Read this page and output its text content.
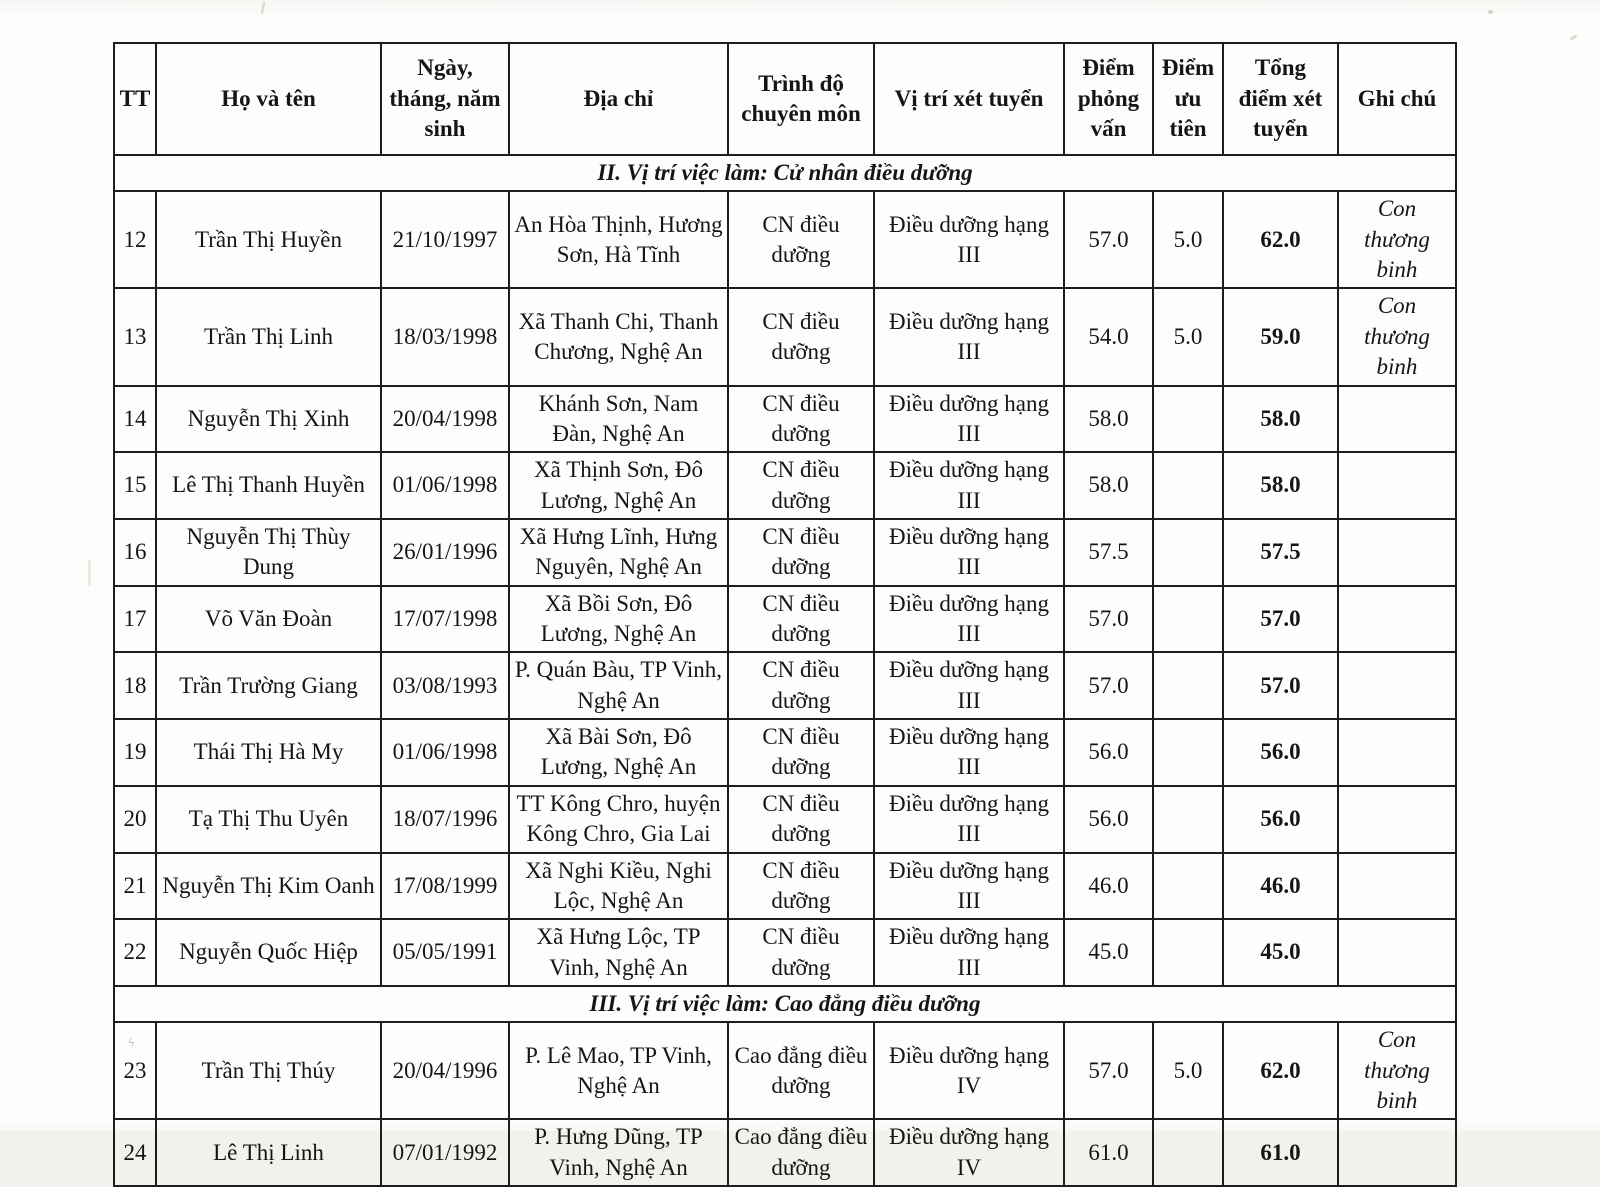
TT	Họ và tên	Ngày, tháng, năm sinh	Địa chỉ	Trình độ chuyên môn	Vị trí xét tuyển	Điểm phỏng vấn	Điểm ưu tiên	Tổng điểm xét tuyển	Ghi chú
II. Vị trí việc làm: Cử nhân điều dưỡng									
12	Trần Thị Huyền	21/10/1997	An Hòa Thịnh, Hương Sơn, Hà Tĩnh	CN điều dưỡng	Điều dưỡng hạng III	57.0	5.0	62.0	Con thương binh
13	Trần Thị Linh	18/03/1998	Xã Thanh Chi, Thanh Chương, Nghệ An	CN điều dưỡng	Điều dưỡng hạng III	54.0	5.0	59.0	Con thương binh
14	Nguyễn Thị Xinh	20/04/1998	Khánh Sơn, Nam Đàn, Nghệ An	CN điều dưỡng	Điều dưỡng hạng III	58.0		58.0	
15	Lê Thị Thanh Huyền	01/06/1998	Xã Thịnh Sơn, Đô Lương, Nghệ An	CN điều dưỡng	Điều dưỡng hạng III	58.0		58.0	
16	Nguyễn Thị Thùy Dung	26/01/1996	Xã Hưng Lĩnh, Hưng Nguyên, Nghệ An	CN điều dưỡng	Điều dưỡng hạng III	57.5		57.5	
17	Võ Văn Đoàn	17/07/1998	Xã Bồi Sơn, Đô Lương, Nghệ An	CN điều dưỡng	Điều dưỡng hạng III	57.0		57.0	
18	Trần Trường Giang	03/08/1993	P. Quán Bàu, TP Vinh, Nghệ An	CN điều dưỡng	Điều dưỡng hạng III	57.0		57.0	
19	Thái Thị Hà My	01/06/1998	Xã Bài Sơn, Đô Lương, Nghệ An	CN điều dưỡng	Điều dưỡng hạng III	56.0		56.0	
20	Tạ Thị Thu Uyên	18/07/1996	TT Kông Chro, huyện Kông Chro, Gia Lai	CN điều dưỡng	Điều dưỡng hạng III	56.0		56.0	
21	Nguyễn Thị Kim Oanh	17/08/1999	Xã Nghi Kiều, Nghi Lộc, Nghệ An	CN điều dưỡng	Điều dưỡng hạng III	46.0		46.0	
22	Nguyễn Quốc Hiệp	05/05/1991	Xã Hưng Lộc, TP Vinh, Nghệ An	CN điều dưỡng	Điều dưỡng hạng III	45.0		45.0	
III. Vị trí việc làm: Cao đẳng điều dưỡng									
23	Trần Thị Thúy	20/04/1996	P. Lê Mao, TP Vinh, Nghệ An	Cao đẳng điều dưỡng	Điều dưỡng hạng IV	57.0	5.0	62.0	Con thương binh
24	Lê Thị Linh	07/01/1992	P. Hưng Dũng, TP Vinh, Nghệ An	Cao đẳng điều dưỡng	Điều dưỡng hạng IV	61.0		61.0	
ϟ
